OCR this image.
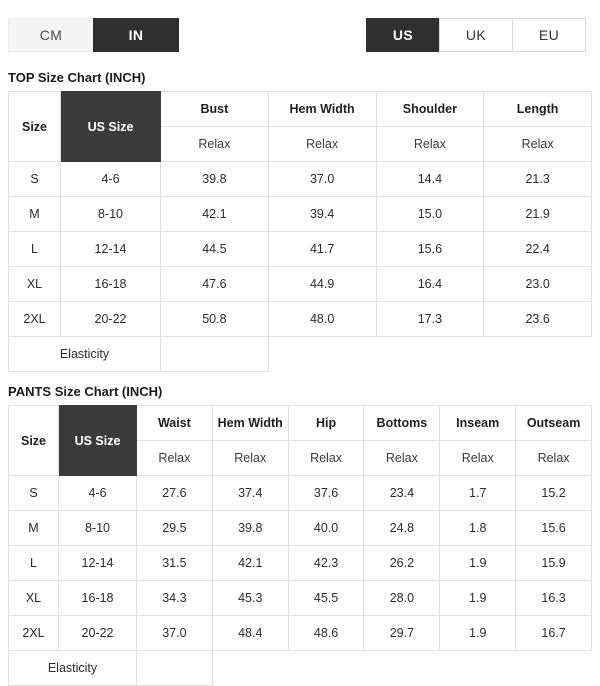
CM	IN	US	UK	EU
TOP Size Chart (INCH)
Size	US Size	Bust	Hem Width	Shoulder	Length
		Relax	Relax	Relax	Relax
S	4-6	39.8	37.0	14.4	21.3
M	8-10	42.1	39.4	15.0	21.9
L	12-14	44.5	41.7	15.6	22.4
XL	16-18	47.6	44.9	16.4	23.0
2XL	20-22	50.8	48.0	17.3	23.6
Elasticity					
PANTS Size Chart (INCH)
Size	US Size	Waist	Hem Width	Hip	Bottoms	Inseam	Outseam
		Relax	Relax	Relax	Relax	Relax	Relax
S	4-6	27.6	37.4	37.6	23.4	1.7	15.2
M	8-10	29.5	39.8	40.0	24.8	1.8	15.6
L	12-14	31.5	42.1	42.3	26.2	1.9	15.9
XL	16-18	34.3	45.3	45.5	28.0	1.9	16.3
2XL	20-22	37.0	48.4	48.6	29.7	1.9	16.7
Elasticity							
